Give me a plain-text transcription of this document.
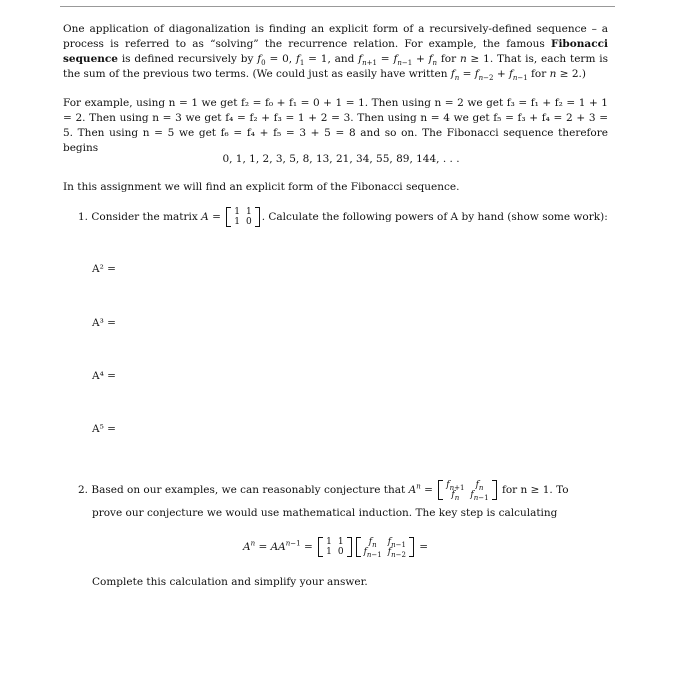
One application of diagonalization is finding an explicit form of a recursively-defined sequence – a process is referred to as “solving” the recurrence relation. For example, the famous Fibonacci sequence is defined recursively by $f_0 = 0$, $f_1 = 1$, and $f_{n+1} = f_{n-1} + f_n$ for n ≥ 1. That is, each term is the sum of the previous two terms. (We could just as easily have written $f_n = f_{n-2} + f_{n-1}$ for n ≥ 2.)
For example, using n = 1 we get f₂ = f₀ + f₁ = 0 + 1 = 1. Then using n = 2 we get f₃ = f₁ + f₂ = 1 + 1 = 2. Then using n = 3 we get f₄ = f₂ + f₃ = 1 + 2 = 3. Then using n = 4 we get f₅ = f₃ + f₄ = 2 + 3 = 5. Then using n = 5 we get f₆ = f₄ + f₅ = 3 + 5 = 8 and so on. The Fibonacci sequence therefore begins
0, 1, 1, 2, 3, 5, 8, 13, 21, 34, 55, 89, 144, . . .
In this assignment we will find an explicit form of the Fibonacci sequence.
1. Consider the matrix A = 1	1
1	0 . Calculate the following powers of A by hand (show some work):
A² =
A³ =
A⁴ =
A⁵ =
2. Based on our examples, we can reasonably conjecture that $A^n = f_{n+1}$	$f_n$
$f_n$	$f_{n-1}$
for n ≥ 1. To
prove our conjecture we would use mathematical induction. The key step is calculating
$A^n = AA^{n-1} = 1$	1
1	0
$f_n$	$f_{n-1}$
$f_{n-1}$	$f_{n-2}$
=
Complete this calculation and simplify your answer.
